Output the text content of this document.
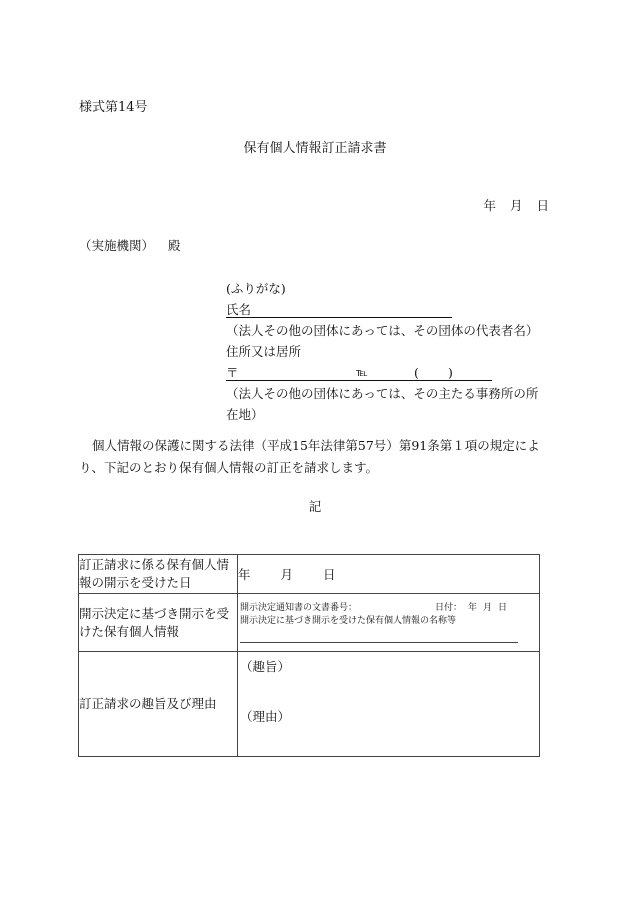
様式第14号
保有個人情報訂正請求書
年 月 日
（実施機関） 殿
(ふりがな)
氏名
（法人その他の団体にあっては、その団体の代表者名）
住所又は居所
〒	℡	( )
（法人その他の団体にあっては、その主たる事務所の所
在地）
個人情報の保護に関する法律（平成15年法律第57号）第91条第１項の規定により、下記のとおり保有個人情報の訂正を請求します。
記
訂正請求に係る保有個人情報の開示を受けた日	年 月 日
開示決定に基づき開示を受けた保有個人情報	開示決定通知書の文書番号： 日付： 年 月 日
開示決定に基づき開示を受けた保有個人情報の名称等

訂正請求の趣旨及び理由	（趣旨）
（理由）
